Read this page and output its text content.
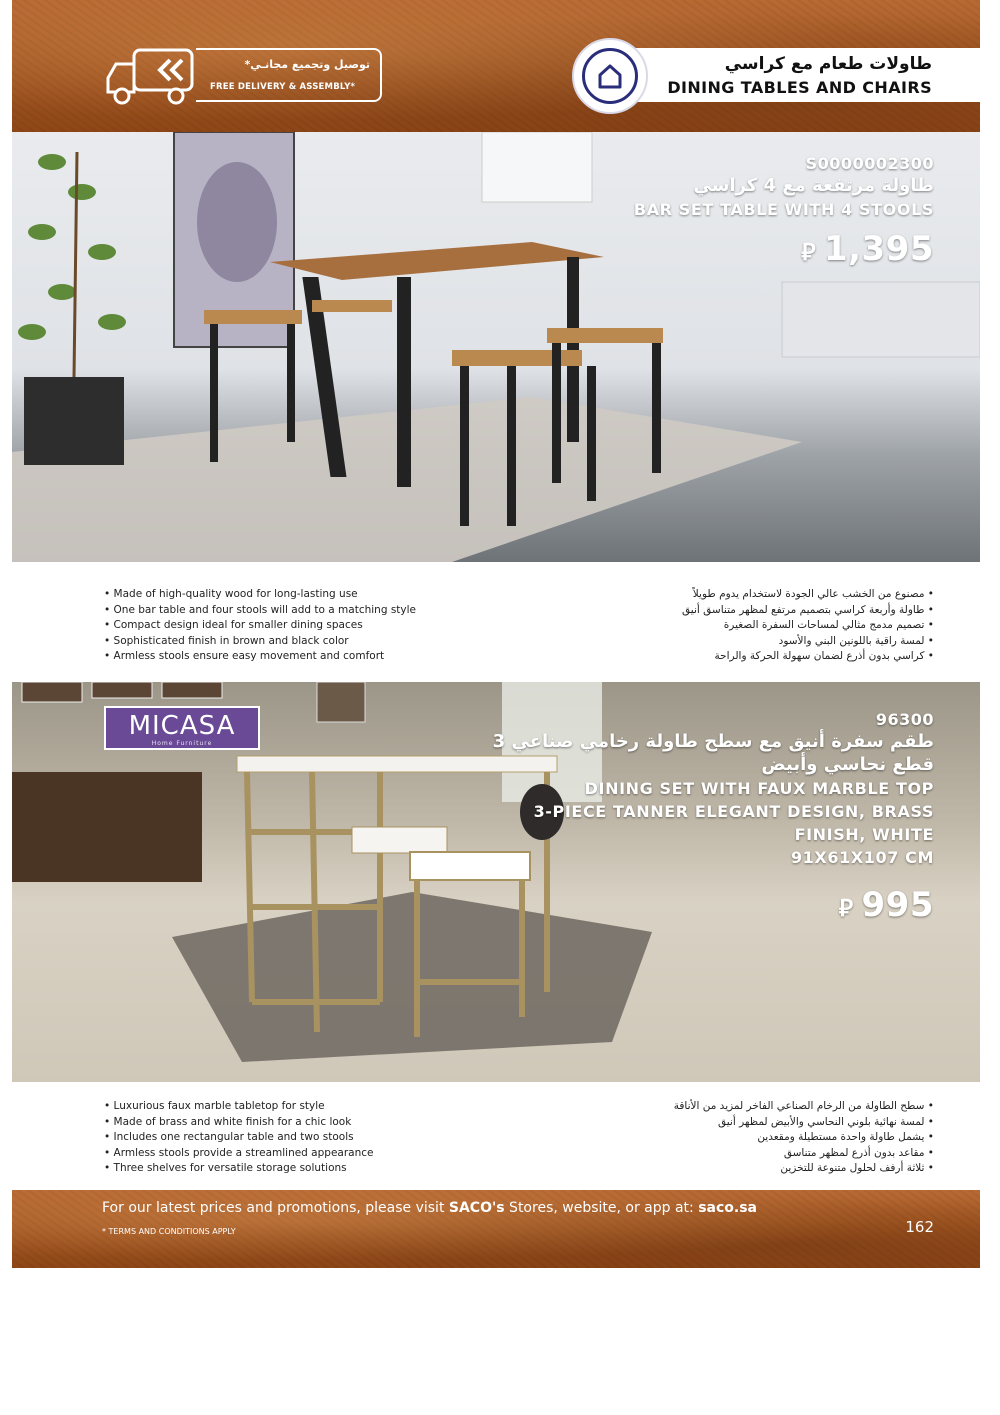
توصيل وتجميع مجانـي*
FREE DELIVERY & ASSEMBLY*
طاولات طعام مع كراسي
DINING TABLES AND CHAIRS
S0000002300
طاولة مرتفعة مع 4 كراسي
BAR SET TABLE WITH 4 STOOLS
⃁ 1,395
• Made of high-quality wood for long-lasting use
• One bar table and four stools will add to a matching style
• Compact design ideal for smaller dining spaces
• Sophisticated finish in brown and black color
• Armless stools ensure easy movement and comfort
• مصنوع من الخشب عالي الجودة لاستخدام يدوم طويلاً
• طاولة وأربعة كراسي بتصميم مرتفع لمظهر متناسق أنيق
• تصميم مدمج مثالي لمساحات السفرة الصغيرة
• لمسة راقية باللونين البني والأسود
• كراسي بدون أذرع لضمان سهولة الحركة والراحة
MICASA
Home Furniture
96300
طقم سفرة أنيق مع سطح طاولة رخامي صناعي 3
قطع نحاسي وأبيض
DINING SET WITH FAUX MARBLE TOP
3-PIECE TANNER ELEGANT DESIGN, BRASS
FINISH, WHITE
91X61X107 CM
⃁ 995
• Luxurious faux marble tabletop for style
• Made of brass and white finish for a chic look
• Includes one rectangular table and two stools
• Armless stools provide a streamlined appearance
• Three shelves for versatile storage solutions
• سطح الطاولة من الرخام الصناعي الفاخر لمزيد من الأناقة
• لمسة نهائية بلوني النحاسي والأبيض لمظهر أنيق
• يشمل طاولة واحدة مستطيلة ومقعدين
• مقاعد بدون أذرع لمظهر متناسق
• ثلاثة أرفف لحلول متنوعة للتخزين
For our latest prices and promotions, please visit SACO's Stores, website, or app at: saco.sa
* TERMS AND CONDITIONS APPLY	162
